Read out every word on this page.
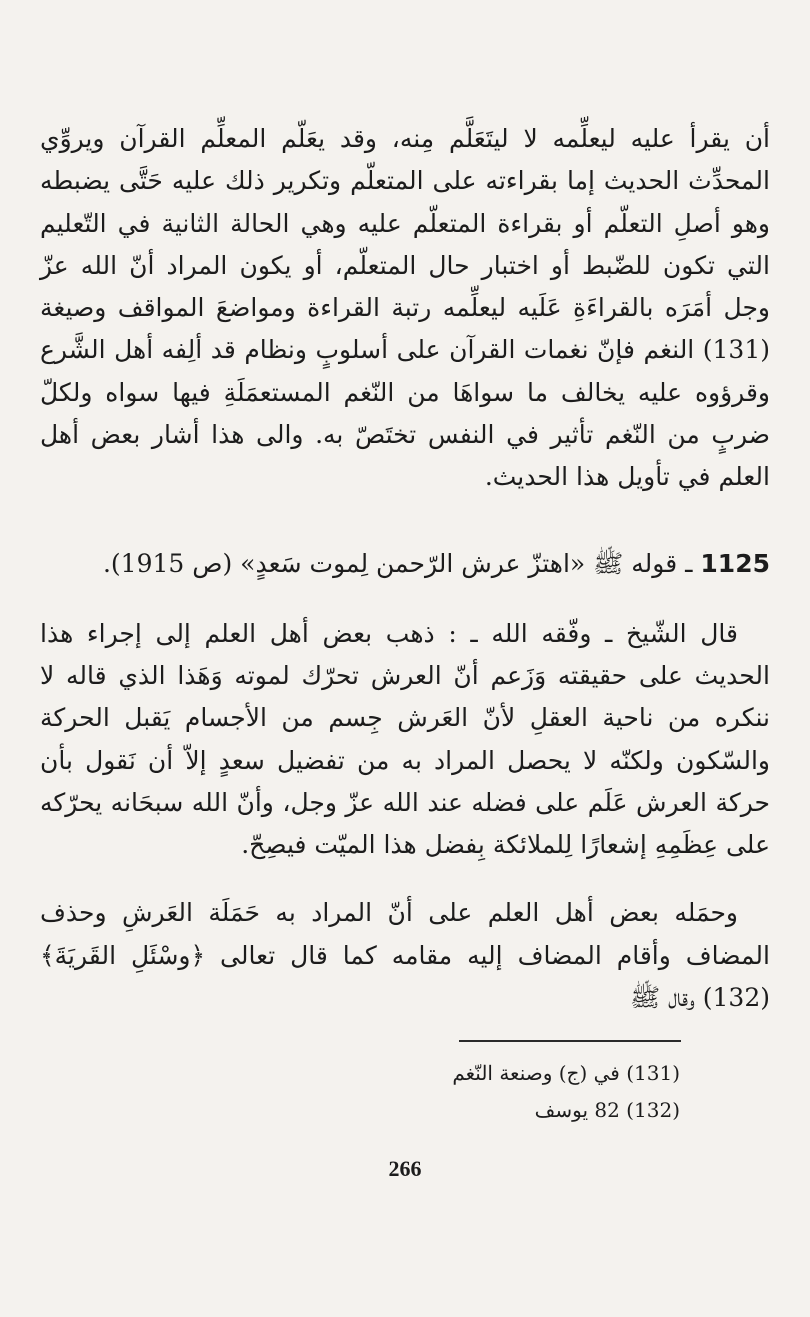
أن يقرأ عليه ليعلِّمه لا ليتَعَلَّم مِنه، وقد يعَلّم المعلِّم القرآن ويروِّي المحدِّث الحديث إما بقراءته على المتعلّم وتكرير ذلك عليه حَتَّى يضبطه وهو أصلِ التعلّم أو بقراءة المتعلّم عليه وهي الحالة الثانية في التّعليم التي تكون للضّبط أو اختبار حال المتعلّم، أو يكون المراد أنّ الله عزّ وجل أمَرَه بالقراءَةِ عَلَيه ليعلِّمه رتبة القراءة ومواضعَ المواقف وصيغة (131) النغم فإنّ نغمات القرآن على أسلوبٍ ونظام قد ألِفه أهل الشَّرع وقرؤوه عليه يخالف ما سواهَا من النّغم المستعمَلَةِ فيها سواه ولكلّ ضربٍ من النّغم تأثير في النفس تختَصّ به. والى هذا أشار بعض أهل العلم في تأويل هذا الحديث.

1125 ـ قوله ﷺ «اهتزّ عرش الرّحمن لِموت سَعدٍ» (ص 1915).

قال الشّيخ ـ وفّقه الله ـ : ذهب بعض أهل العلم إلى إجراء هذا الحديث على حقيقته وَزَعم أنّ العرش تحرّك لموته وَهَذا الذي قاله لا ننكره من ناحية العقلِ لأنّ العَرش جِسم من الأجسام يَقبل الحركة والسّكون ولكنّه لا يحصل المراد به من تفضيل سعدٍ إلاّ أن نَقول بأن حركة العرش عَلَم على فضله عند الله عزّ وجل، وأنّ الله سبحَانه يحرّكه على عِظَمِهِ إشعارًا لِلملائكة بِفضل هذا الميّت فيصِحّ.

وحمَله بعض أهل العلم على أنّ المراد به حَمَلَة العَرشِ وحذف المضاف وأقام المضاف إليه مقامه كما قال تعالى ﴿وسْئَلِ القَريَةَ﴾ (132) وقال ﷺ

(131) في (ج) وصنعة النّغم
(132) 82 يوسف
266
